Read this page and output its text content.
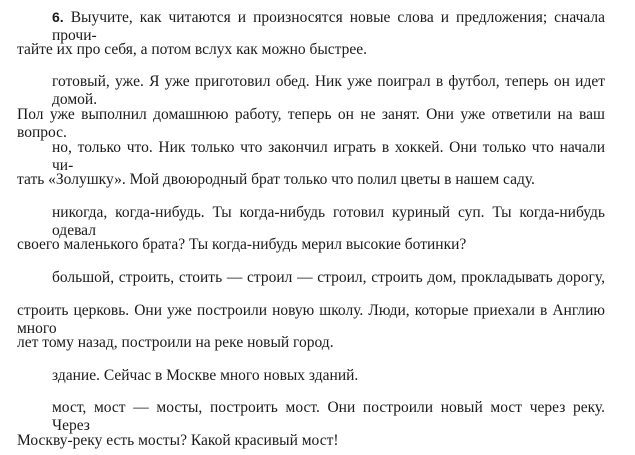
6. Выучите, как читаются и произносятся новые слова и предложения; сначала прочи-
тайте их про себя, а потом вслух как можно быстрее.
готовый, уже. Я уже приготовил обед. Ник уже поиграл в футбол, теперь он идет домой.
Пол уже выполнил домашнюю работу, теперь он не занят. Они уже ответили на ваш вопрос.
но, только что. Ник только что закончил играть в хоккей. Они только что начали чи-
тать «Золушку». Мой двоюродный брат только что полил цветы в нашем саду.
никогда, когда-нибудь. Ты когда-нибудь готовил куриный суп. Ты когда-нибудь одевал
своего маленького брата? Ты когда-нибудь мерил высокие ботинки?
большой, строить, стоить — строил — строил, строить дом, прокладывать дорогу,
строить церковь. Они уже построили новую школу. Люди, которые приехали в Англию много
лет тому назад, построили на реке новый город.
здание. Сейчас в Москве много новых зданий.
мост, мост — мосты, построить мост. Они построили новый мост через реку. Через
Москву-реку есть мосты? Какой красивый мост!
